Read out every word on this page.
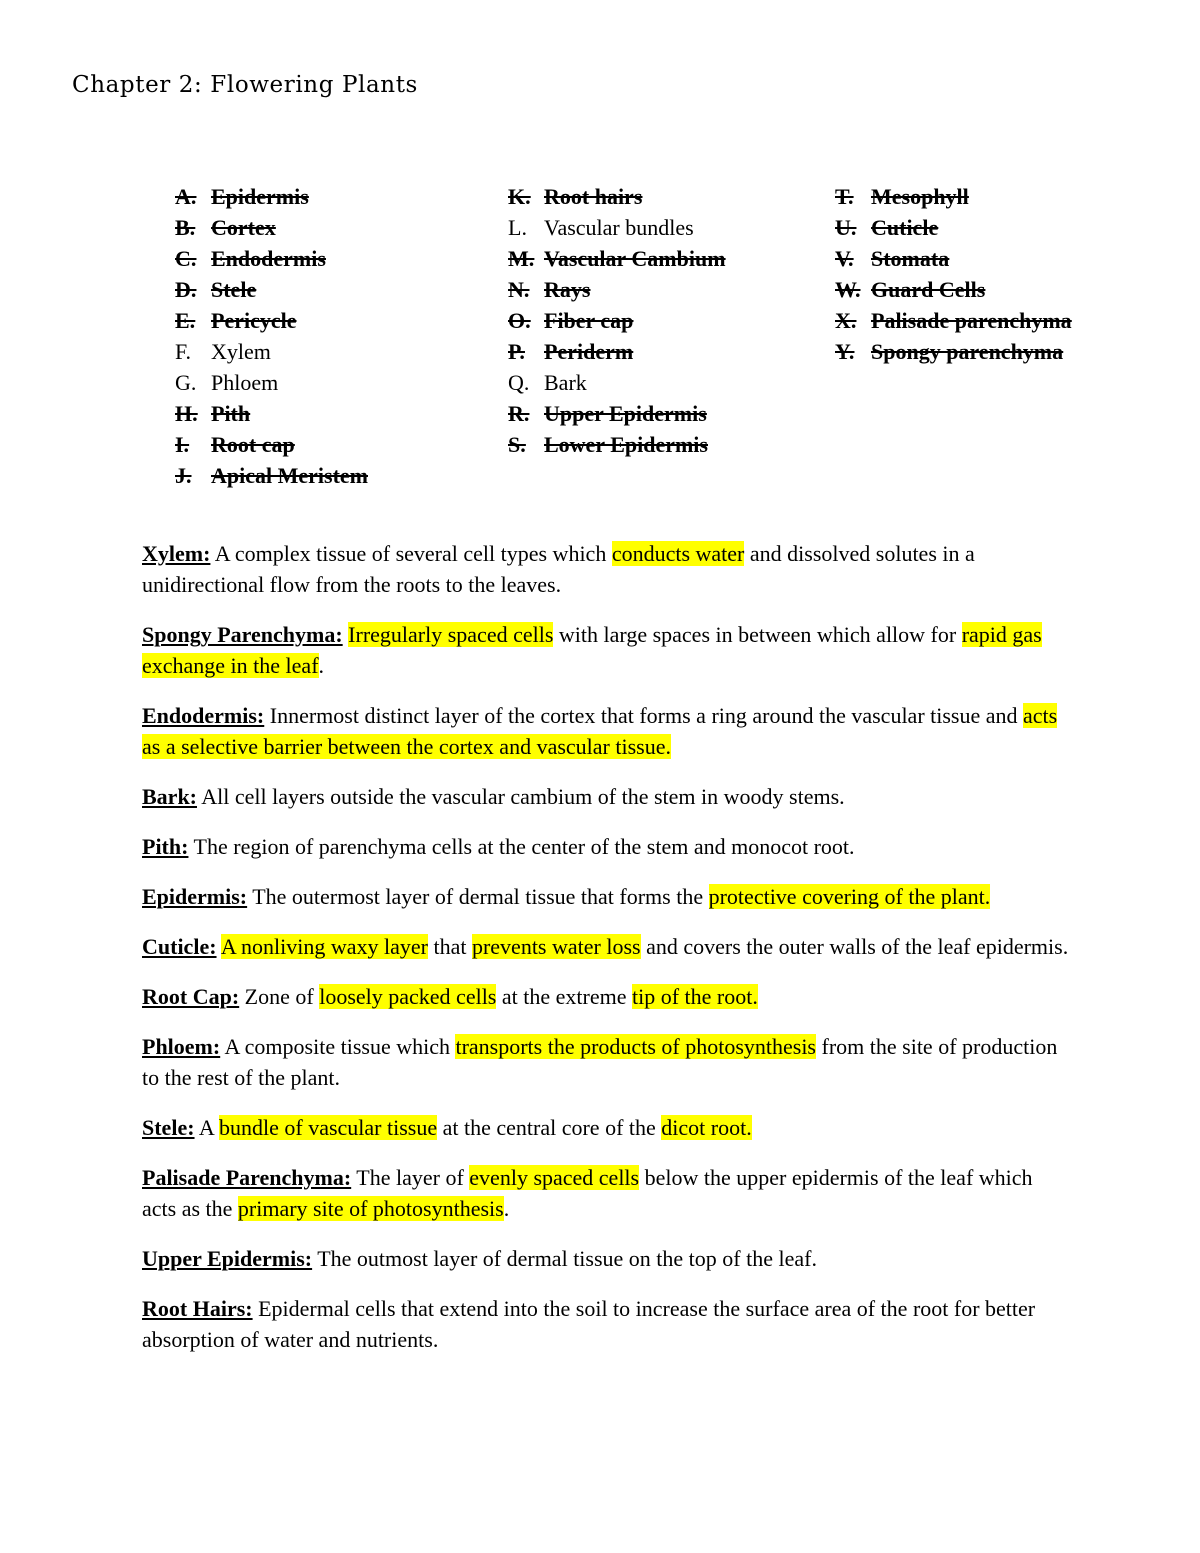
Chapter 2: Flowering Plants
A. Epidermis
B. Cortex
C. Endodermis
D. Stele
E. Pericycle
F. Xylem
G. Phloem
H. Pith
I. Root cap
J. Apical Meristem
K. Root hairs
L. Vascular bundles
M. Vascular Cambium
N. Rays
O. Fiber cap
P. Periderm
Q. Bark
R. Upper Epidermis
S. Lower Epidermis
T. Mesophyll
U. Cuticle
V. Stomata
W. Guard Cells
X. Palisade parenchyma
Y. Spongy parenchyma

Xylem: A complex tissue of several cell types which conducts water and dissolved solutes in a unidirectional flow from the roots to the leaves.

Spongy Parenchyma: Irregularly spaced cells with large spaces in between which allow for rapid gas exchange in the leaf.

Endodermis: Innermost distinct layer of the cortex that forms a ring around the vascular tissue and acts as a selective barrier between the cortex and vascular tissue.

Bark: All cell layers outside the vascular cambium of the stem in woody stems.

Pith: The region of parenchyma cells at the center of the stem and monocot root.

Epidermis: The outermost layer of dermal tissue that forms the protective covering of the plant.

Cuticle: A nonliving waxy layer that prevents water loss and covers the outer walls of the leaf epidermis.

Root Cap: Zone of loosely packed cells at the extreme tip of the root.

Phloem: A composite tissue which transports the products of photosynthesis from the site of production to the rest of the plant.

Stele: A bundle of vascular tissue at the central core of the dicot root.

Palisade Parenchyma: The layer of evenly spaced cells below the upper epidermis of the leaf which acts as the primary site of photosynthesis.

Upper Epidermis: The outmost layer of dermal tissue on the top of the leaf.

Root Hairs: Epidermal cells that extend into the soil to increase the surface area of the root for better absorption of water and nutrients.
